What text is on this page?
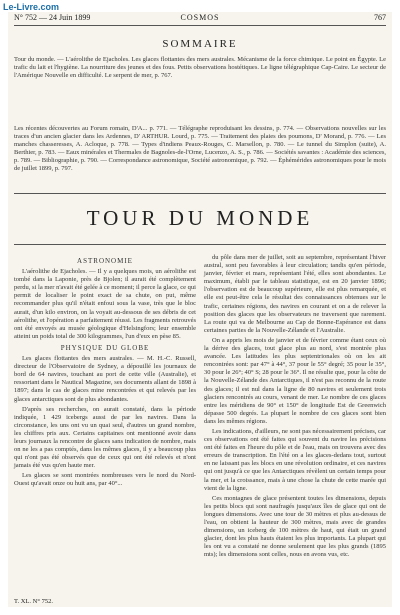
Le-Livre.com
N° 752 — 24 Juin 1899	COSMOS	767
SOMMAIRE
Tour du monde. — L'aérolithe de Ejacholes. Les glaces flottantes des mers australes. Mécanisme de la force chimique. Le point en Égypte. Le trafic du lait et l'hygiène. La nourriture des jeunes et des fous. Petits observations hostétiques. Le ligne télégraphique Cap-Caire. Le secteur de l'Amérique Nouvelle en difficulté. Le serpent de mer, p. 767.
Les récentes découvertes au Forum romain, D'A... p. 771. — Télégraphe reproduisant les dessins, p. 774. — Observations nouvelles sur les traces d'un ancien glacier dans les Ardennes, D' ARTHUR. Lourd, p. 775. — Traitement des plaies des poumons, D' Morand, p. 776. — Les manches chasseresses, A. Acloque, p. 778. — Types d'indiens Peaux-Rouges, C. Marsellon, p. 780. — Le tunnel du Simplon (suite), A. Berthier, p. 783. — Eaux minérales et Thermales de Bagnoles-de-l'Orne, Lucenzo, A. S., p. 786. — Sociétés savantes : Académie des sciences, p. 789. — Bibliographie, p. 790. — Correspondance astronomique, Société astronomique, p. 792. — Éphémérides astronomiques pour le mois de juillet 1899, p. 797.
TOUR DU MONDE
ASTRONOMIE

L'aérolithe de Ejacholes. — Il y a quelques mois, un aérolithe est tombé dans la Laponie, près de Bjolen; il aurait été complètement perdu, si la mer n'avait été gelée à ce moment; il perce la glace, ce qui permit de localiser le point exact de sa chute, on put, même recommander plus qu'il n'était enfoui sous la vase, très que le bloc aurait, d'un kilo environ, on la voyait au-dessous de ses débris de cet aérolithe, et l'opération a parfaitement réussi. Les fragments retrouvés ont été envoyés au musée géologique d'Helsingfors; leur ensemble atteint un poids total de 300 kilogrammes, l'un d'eux en pèse 85.

PHYSIQUE DU GLOBE

Les glaces flottantes des mers australes. — M. H.-C. Russell, directeur de l'Observatoire de Sydney, a dépouillé les journaux de bord de 64 navires, touchant au port de cette ville (Australie), et ressortant dans le Nautical Magazine, ses documents allant de 1898 à 1897; dans le cas de glaces mine rencontrées et qui relevés par les glaces antarctiques sont de plus abondantes.

D'après ses recherches, on aurait constaté, dans la période indiquée, 1 429 icebergs aussi de par les navires. Dans la circonstance, les uns ont vu un quai seul, d'autres un grand nombre, les chiffres pris aux. Certains capitaines ont mentionné avoir dans leurs journaux la rencontre de glaces sans indication de nombre, mais on ne les a pas comptés, dans les mêmes glaces, il y a beaucoup plus qui n'ont pas été observés que de ceux qui ont été relevés et n'ont jamais été vus qu'en haute mer.

Les glaces se sont montrées nombreuses vers le nord du Nord-Ouest qu'avait onze ou huit ans, par 40°...

du pôle dans mer de juillet, soit au septembre, représentant l'hiver austral, sont peu favorables à leur circulation; tandis qu'en période, janvier, février et mars, représentant l'été, elles sont abondantes. Le maximum, établi par le tableau statistique, est en 20 janvier 1896; l'observation est de beaucoup supérieure, elle est plus remarquée, et elle est peut-être cela le résultat des connaissances obtenues sur le trafic, certaines régions, des navires en courant et on a de relever la position des glaces que les observateurs ne traversent que rarement. La route qui va de Melbourne au Cap de Bonne-Espérance est dans certaines parties de la Nouvelle-Zélande et l'Australie.

On a appris les mois de janvier et de février comme étant ceux où la dérive des glaces, tout glace plus au nord, s'est montrée plus avancée. Les latitudes les plus septentrionales où on les ait rencontrées sont: par 47° à 44°, 37 pour le 55° degré; 35 pour le 35°, 30 pour le 26°; 40° S; 28 pour le 36°. Il ne résulte que, pour la côte de la Nouvelle-Zélande des Antarctiques, il n'est pas reconnu de la route des glaces; il est nul dans la ligne de 80 navires et seulement trois glaciers rencontrés au cours, venant de mer. Le nombre de ces glaces entre les méridiens de 90° et 150° de longitude Est de Greenwich dépasse 500 degrés. La plupart le nombre de ces glaces sont bien dans les mêmes régions.

Les indications, d'ailleurs, ne sont pas nécessairement précises, car ces observations ont été faites qui souvent du navire les précisions ont été faites en l'heure du pôle et de l'eau, mais on trouvera avec des erreurs de transcription. En l'été on a les glaces-dedans tout, surtout en ne laissant pas les blocs en une révolution ordinaire, et ces navires qui ont jusqu'à ce que les Antarctiques révèlent un certain temps pour la mer, et la croissance, mais à une chose la chute de cette marée qui vient de la ligne.

Ces montagnes de glace présentent toutes les dimensions, depuis les petits blocs qui sont naufragés jusqu'aux îles de glace qui ont de longues dimensions. Avec une tour de 30 mètres et plus au-dessus de l'eau, on obtient la hauteur de 300 mètres, mais avec de grandes dimensions, un iceberg de 100 mètres de haut, qui était un grand glacier, dont les plus hauts étaient les plus importants. La plupart qui les ont vu a constaté ne donne seulement que les plus grands (1895 mts); les dimensions sont celles, nous en avons vus, etc.

T. XL. N° 752.
